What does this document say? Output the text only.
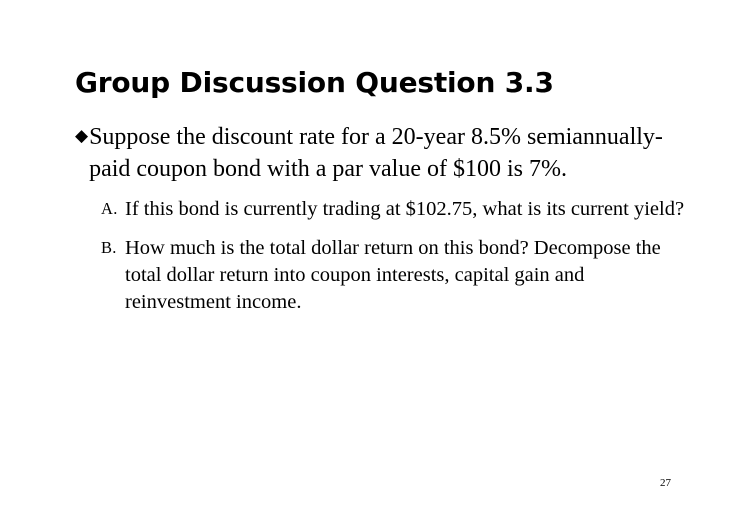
Group Discussion Question 3.3
◆ Suppose the discount rate for a 20-year 8.5% semiannually-paid coupon bond with a par value of $100 is 7%.
A. If this bond is currently trading at $102.75, what is its current yield?
B. How much is the total dollar return on this bond? Decompose the total dollar return into coupon interests, capital gain and reinvestment income.
27
